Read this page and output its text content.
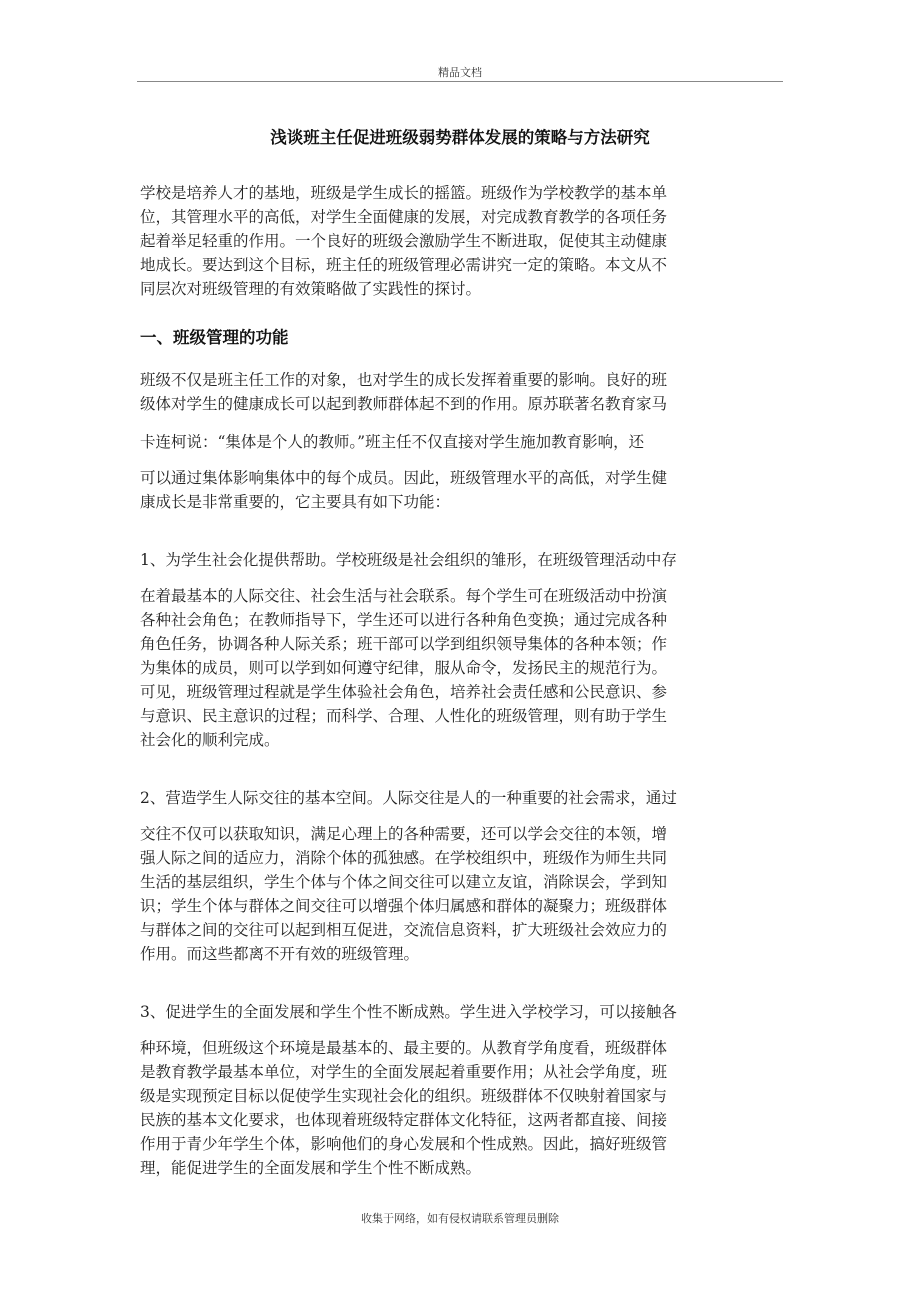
精品文档
浅谈班主任促进班级弱势群体发展的策略与方法研究
学校是培养人才的基地，班级是学生成长的摇篮。班级作为学校教学的基本单
位，其管理水平的高低，对学生全面健康的发展，对完成教育教学的各项任务
起着举足轻重的作用。一个良好的班级会激励学生不断进取，促使其主动健康
地成长。要达到这个目标，班主任的班级管理必需讲究一定的策略。本文从不
同层次对班级管理的有效策略做了实践性的探讨。
一、班级管理的功能
班级不仅是班主任工作的对象，也对学生的成长发挥着重要的影响。良好的班
级体对学生的健康成长可以起到教师群体起不到的作用。原苏联著名教育家马
卡连柯说：“集体是个人的教师。”班主任不仅直接对学生施加教育影响，还
可以通过集体影响集体中的每个成员。因此，班级管理水平的高低，对学生健
康成长是非常重要的，它主要具有如下功能：
1、为学生社会化提供帮助。学校班级是社会组织的雏形，在班级管理活动中存
在着最基本的人际交往、社会生活与社会联系。每个学生可在班级活动中扮演
各种社会角色；在教师指导下，学生还可以进行各种角色变换；通过完成各种
角色任务，协调各种人际关系；班干部可以学到组织领导集体的各种本领；作
为集体的成员，则可以学到如何遵守纪律，服从命令，发扬民主的规范行为。
可见，班级管理过程就是学生体验社会角色，培养社会责任感和公民意识、参
与意识、民主意识的过程；而科学、合理、人性化的班级管理，则有助于学生
社会化的顺利完成。
2、营造学生人际交往的基本空间。人际交往是人的一种重要的社会需求，通过
交往不仅可以获取知识，满足心理上的各种需要，还可以学会交往的本领，增
强人际之间的适应力，消除个体的孤独感。在学校组织中，班级作为师生共同
生活的基层组织，学生个体与个体之间交往可以建立友谊，消除误会，学到知
识；学生个体与群体之间交往可以增强个体归属感和群体的凝聚力；班级群体
与群体之间的交往可以起到相互促进，交流信息资料，扩大班级社会效应力的
作用。而这些都离不开有效的班级管理。
3、促进学生的全面发展和学生个性不断成熟。学生进入学校学习，可以接触各
种环境，但班级这个环境是最基本的、最主要的。从教育学角度看，班级群体
是教育教学最基本单位，对学生的全面发展起着重要作用；从社会学角度，班
级是实现预定目标以促使学生实现社会化的组织。班级群体不仅映射着国家与
民族的基本文化要求，也体现着班级特定群体文化特征，这两者都直接、间接
作用于青少年学生个体，影响他们的身心发展和个性成熟。因此，搞好班级管
理，能促进学生的全面发展和学生个性不断成熟。
收集于网络，如有侵权请联系管理员删除
